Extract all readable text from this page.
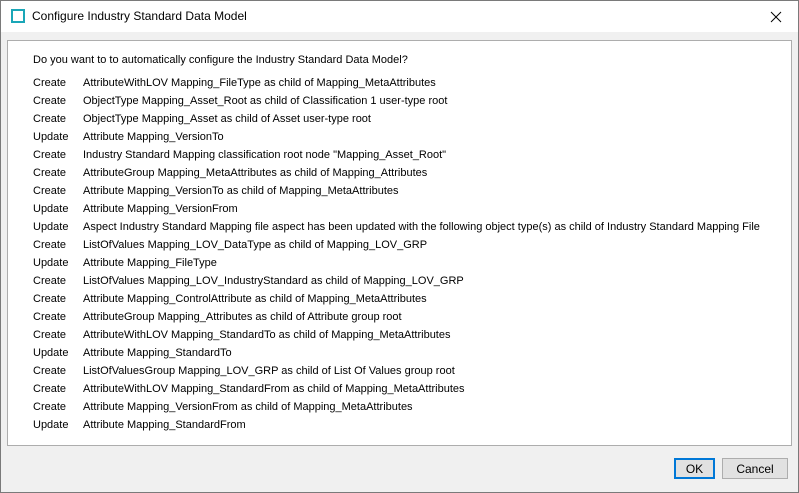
Configure Industry Standard Data Model
Do you want to to automatically configure the Industry Standard Data Model?
Create	AttributeWithLOV Mapping_FileType as child of Mapping_MetaAttributes
Create	ObjectType Mapping_Asset_Root as child of Classification 1 user-type root
Create	ObjectType Mapping_Asset as child of Asset user-type root
Update	Attribute Mapping_VersionTo
Create	Industry Standard Mapping classification root node "Mapping_Asset_Root"
Create	AttributeGroup Mapping_MetaAttributes as child of Mapping_Attributes
Create	Attribute Mapping_VersionTo as child of Mapping_MetaAttributes
Update	Attribute Mapping_VersionFrom
Update	Aspect Industry Standard Mapping file aspect has been updated with the following object type(s) as child of Industry Standard Mapping File
Create	ListOfValues Mapping_LOV_DataType as child of Mapping_LOV_GRP
Update	Attribute Mapping_FileType
Create	ListOfValues Mapping_LOV_IndustryStandard as child of Mapping_LOV_GRP
Create	Attribute Mapping_ControlAttribute as child of Mapping_MetaAttributes
Create	AttributeGroup Mapping_Attributes as child of Attribute group root
Create	AttributeWithLOV Mapping_StandardTo as child of Mapping_MetaAttributes
Update	Attribute Mapping_StandardTo
Create	ListOfValuesGroup Mapping_LOV_GRP as child of List Of Values group root
Create	AttributeWithLOV Mapping_StandardFrom as child of Mapping_MetaAttributes
Create	Attribute Mapping_VersionFrom as child of Mapping_MetaAttributes
Update	Attribute Mapping_StandardFrom
OK	Cancel
